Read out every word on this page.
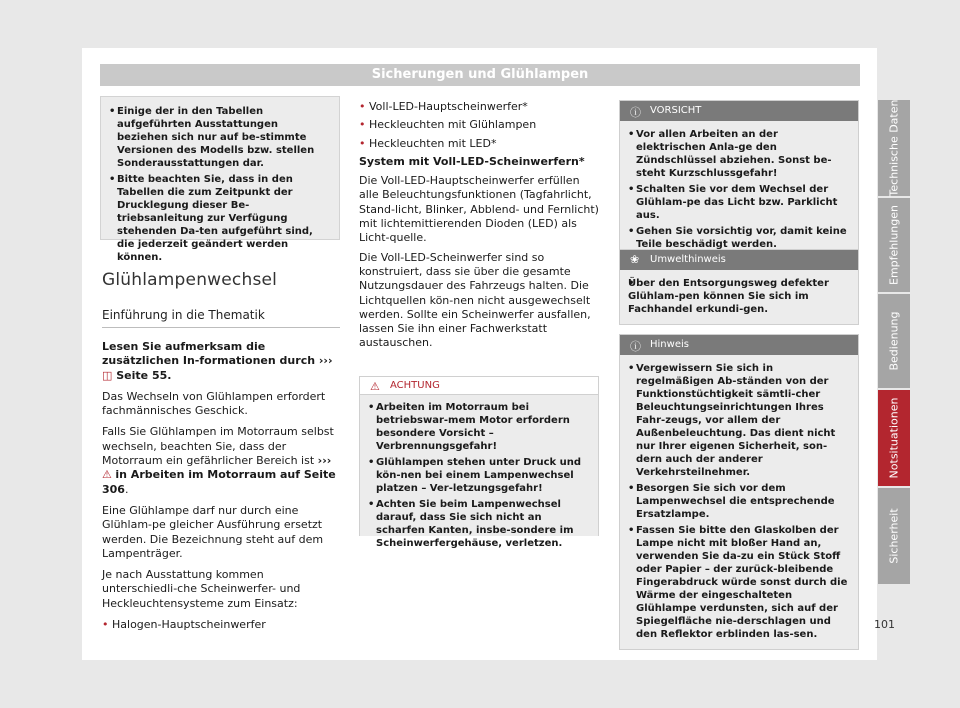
Sicherungen und Glühlampen
• Einige der in den Tabellen aufgeführten Ausstattungen beziehen sich nur auf be-stimmte Versionen des Modells bzw. stellen Sonderausstattungen dar.
• Bitte beachten Sie, dass in den Tabellen die zum Zeitpunkt der Drucklegung dieser Be-triebsanleitung zur Verfügung stehenden Da-ten aufgeführt sind, die jederzeit geändert werden können.
Glühlampenwechsel
Einführung in die Thematik

Lesen Sie aufmerksam die zusätzlichen In-formationen durch ››› ◫ Seite 55.

Das Wechseln von Glühlampen erfordert fachmännisches Geschick.

Falls Sie Glühlampen im Motorraum selbst wechseln, beachten Sie, dass der Motorraum ein gefährlicher Bereich ist ››› ⚠ in Arbeiten im Motorraum auf Seite 306.

Eine Glühlampe darf nur durch eine Glühlam-pe gleicher Ausführung ersetzt werden. Die Bezeichnung steht auf dem Lampenträger.

Je nach Ausstattung kommen unterschiedli-che Scheinwerfer- und Heckleuchtensysteme zum Einsatz:

• Halogen-Hauptscheinwerfer

• Voll-LED-Hauptscheinwerfer*

• Heckleuchten mit Glühlampen

• Heckleuchten mit LED*

System mit Voll-LED-Scheinwerfern*

Die Voll-LED-Hauptscheinwerfer erfüllen alle Beleuchtungsfunktionen (Tagfahrlicht, Stand-licht, Blinker, Abblend- und Fernlicht) mit lichtemittierenden Dioden (LED) als Licht-quelle.

Die Voll-LED-Scheinwerfer sind so konstruiert, dass sie über die gesamte Nutzungsdauer des Fahrzeugs halten. Die Lichtquellen kön-nen nicht ausgewechselt werden. Sollte ein Scheinwerfer ausfallen, lassen Sie ihn einer Fachwerkstatt austauschen.

⚠ ACHTUNG
• Arbeiten im Motorraum bei betriebswar-mem Motor erfordern besondere Vorsicht – Verbrennungsgefahr!
• Glühlampen stehen unter Druck und kön-nen bei einem Lampenwechsel platzen – Ver-letzungsgefahr!
• Achten Sie beim Lampenwechsel darauf, dass Sie sich nicht an scharfen Kanten, insbe-sondere im Scheinwerfergehäuse, verletzen.
ⓘ VORSICHT
• Vor allen Arbeiten an der elektrischen Anla-ge den Zündschlüssel abziehen. Sonst be-steht Kurzschlussgefahr!
• Schalten Sie vor dem Wechsel der Glühlam-pe das Licht bzw. Parklicht aus.
• Gehen Sie vorsichtig vor, damit keine Teile beschädigt werden.
❀ Umwelthinweis
• Über den Entsorgungsweg defekter Glühlam-pen können Sie sich im Fachhandel erkundi-gen.
ⓘ Hinweis
• Vergewissern Sie sich in regelmäßigen Ab-ständen von der Funktionstüchtigkeit sämtli-cher Beleuchtungseinrichtungen Ihres Fahr-zeugs, vor allem der Außenbeleuchtung. Das dient nicht nur Ihrer eigenen Sicherheit, son-dern auch der anderer Verkehrsteilnehmer.
• Besorgen Sie sich vor dem Lampenwechsel die entsprechende Ersatzlampe.
• Fassen Sie bitte den Glaskolben der Lampe nicht mit bloßer Hand an, verwenden Sie da-zu ein Stück Stoff oder Papier – der zurück-bleibende Fingerabdruck würde sonst durch die Wärme der eingeschalteten Glühlampe verdunsten, sich auf der Spiegelfläche nie-derschlagen und den Reflektor erblinden las-sen.
Technische Daten
Empfehlungen
Bedienung
Notsituationen
Sicherheit
101
